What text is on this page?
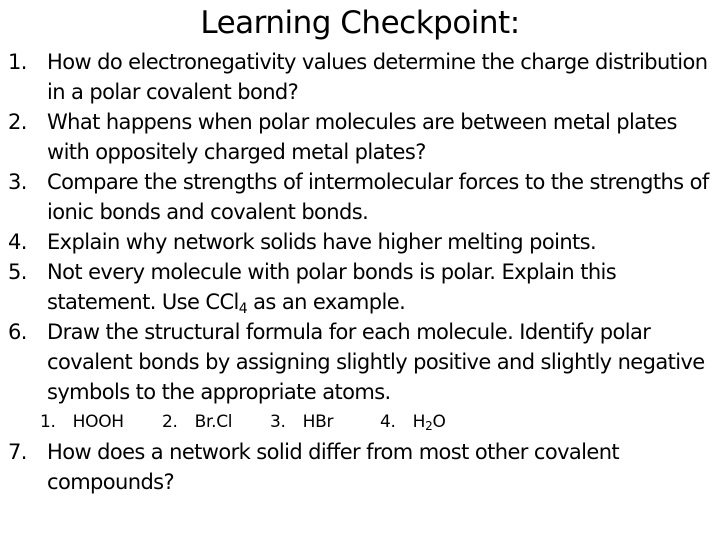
Learning Checkpoint:
1. How do electronegativity values determine the charge distribution in a polar covalent bond?
2. What happens when polar molecules are between metal plates with oppositely charged metal plates?
3. Compare the strengths of intermolecular forces to the strengths of ionic bonds and covalent bonds.
4. Explain why network solids have higher melting points.
5. Not every molecule with polar bonds is polar. Explain this statement. Use CCl$_4$ as an example.
6. Draw the structural formula for each molecule. Identify polar covalent bonds by assigning slightly positive and slightly negative symbols to the appropriate atoms.
1. HOOH 2. Br.Cl 3. HBr	4. $H_2O$
7. How does a network solid differ from most other covalent compounds?
